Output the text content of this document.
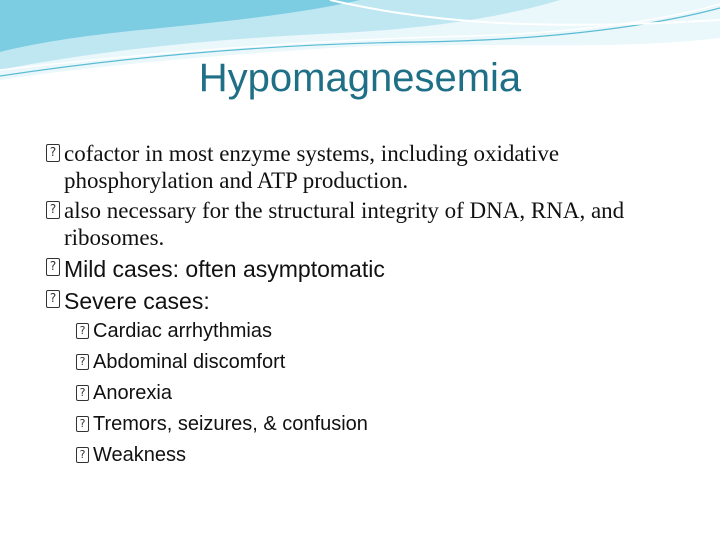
Hypomagnesemia
? cofactor in most enzyme systems, including oxidative phosphorylation and ATP production.
? also necessary for the structural integrity of DNA, RNA, and ribosomes.
? Mild cases: often asymptomatic
? Severe cases:
? Cardiac arrhythmias
? Abdominal discomfort
? Anorexia
? Tremors, seizures, & confusion
? Weakness
